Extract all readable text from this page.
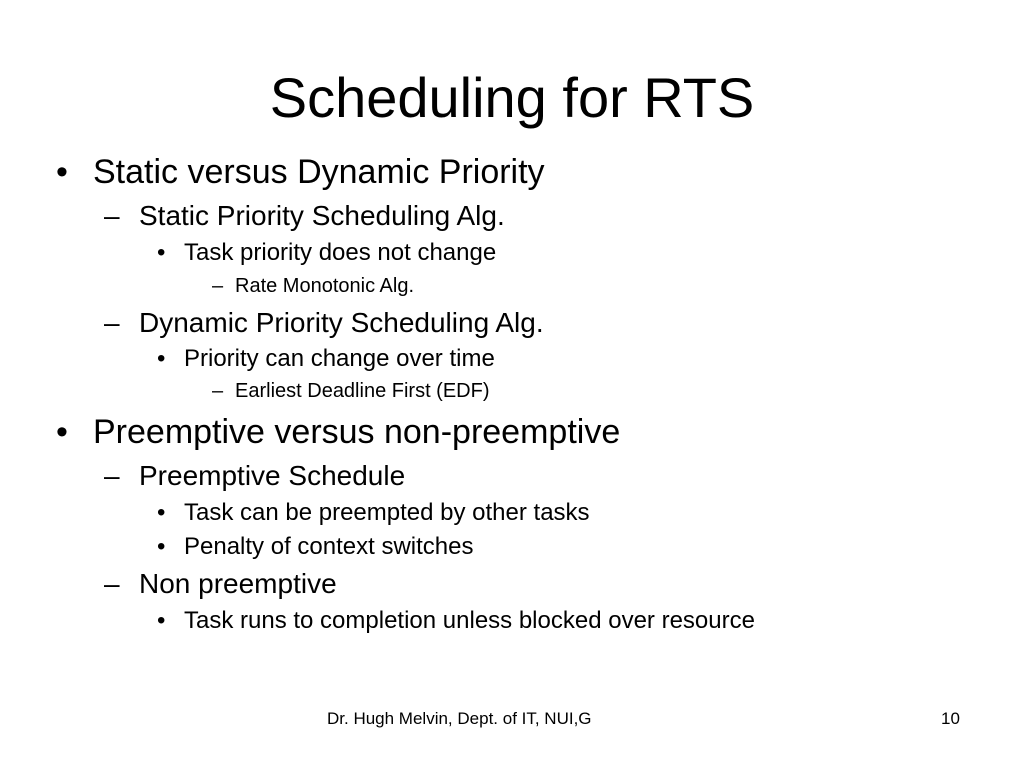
Scheduling for RTS
• Static versus Dynamic Priority
– Static Priority Scheduling Alg.
• Task priority does not change
– Rate Monotonic Alg.
– Dynamic Priority Scheduling Alg.
• Priority can change over time
– Earliest Deadline First (EDF)
• Preemptive versus non-preemptive
– Preemptive Schedule
• Task can be preempted by other tasks
• Penalty of context switches
– Non preemptive
• Task runs to completion unless blocked over resource
Dr. Hugh Melvin, Dept. of IT, NUI,G	10
